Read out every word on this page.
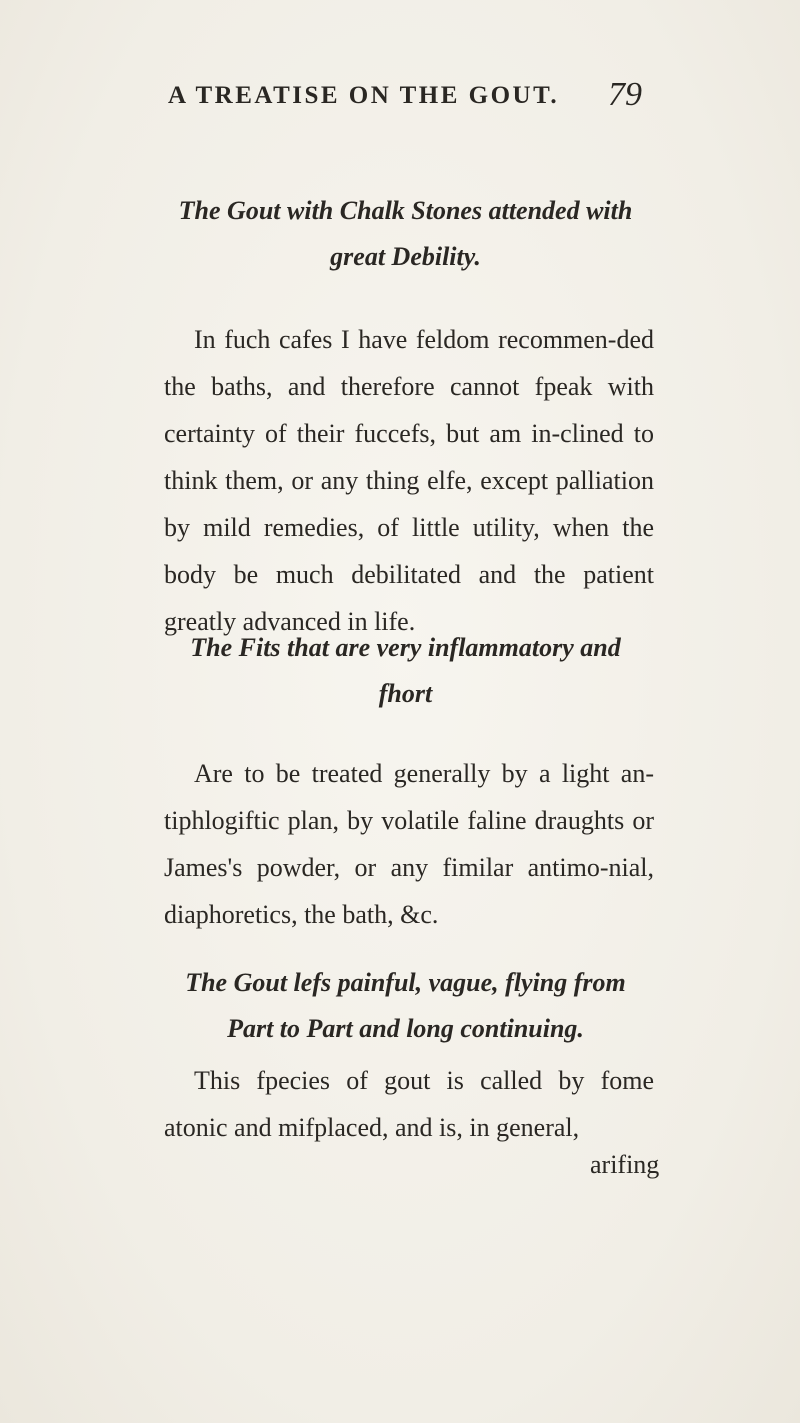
A TREATISE ON THE GOUT. 79
The Gout with Chalk Stones attended with great Debility.

In fuch cafes I have feldom recommen-ded the baths, and therefore cannot fpeak with certainty of their fuccefs, but am in-clined to think them, or any thing elfe, except palliation by mild remedies, of little utility, when the body be much debilitated and the patient greatly advanced in life.

The Fits that are very inflammatory and fhort

Are to be treated generally by a light an-tiphlogiftic plan, by volatile faline draughts or James's powder, or any fimilar antimo-nial, diaphoretics, the bath, &c.

The Gout lefs painful, vague, flying from Part to Part and long continuing.

This fpecies of gout is called by fome atonic and mifplaced, and is, in general,

arifing
